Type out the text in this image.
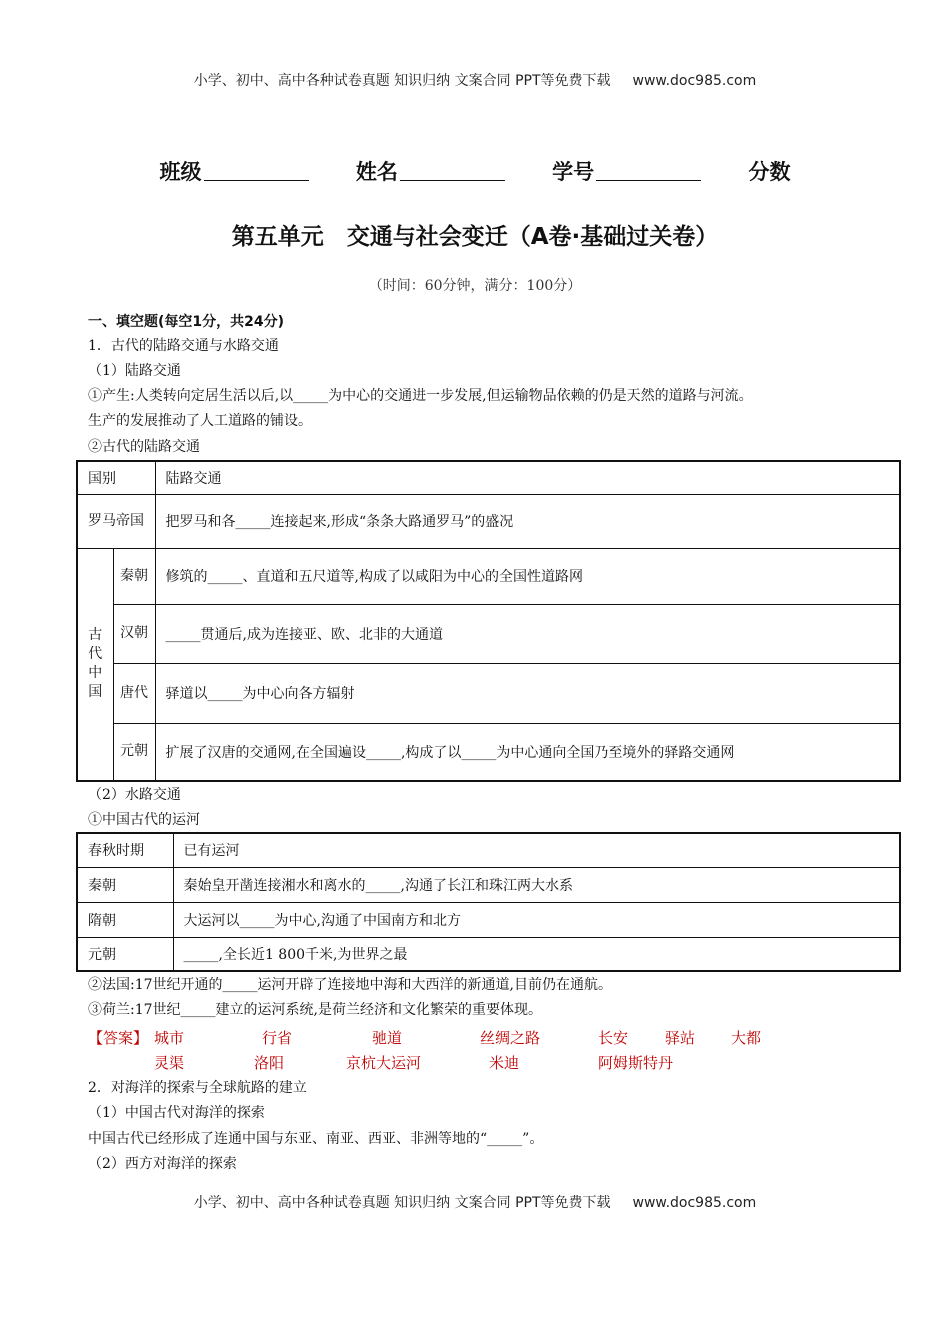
小学、初中、高中各种试卷真题 知识归纳 文案合同 PPT等免费下载 www.doc985.com
班级	姓名	学号	分数
第五单元　交通与社会变迁（A卷·基础过关卷）
（时间：60分钟，满分：100分）
一、填空题(每空1分，共24分)
1．古代的陆路交通与水路交通
（1）陆路交通
①产生:人类转向定居生活以后,以_____为中心的交通进一步发展,但运输物品依赖的仍是天然的道路与河流。
生产的发展推动了人工道路的铺设。
②古代的陆路交通
国别		陆路交通
罗马帝国		把罗马和各_____连接起来,形成“条条大路通罗马”的盛况
古代中国	秦朝	修筑的_____、直道和五尺道等,构成了以咸阳为中心的全国性道路网
	汉朝	_____贯通后,成为连接亚、欧、北非的大通道
	唐代	驿道以_____为中心向各方辐射
	元朝	扩展了汉唐的交通网,在全国遍设_____,构成了以_____为中心通向全国乃至境外的驿路交通网
（2）水路交通
①中国古代的运河
春秋时期	已有运河
秦朝	秦始皇开凿连接湘水和离水的_____,沟通了长江和珠江两大水系
隋朝	大运河以_____为中心,沟通了中国南方和北方
元朝	_____,全长近1 800千米,为世界之最
②法国:17世纪开通的_____运河开辟了连接地中海和大西洋的新通道,目前仍在通航。
③荷兰:17世纪_____建立的运河系统,是荷兰经济和文化繁荣的重要体现。
【答案】 城市	行省	驰道	丝绸之路	长安 驿站 大都
灵渠	洛阳	京杭大运河	米迪	阿姆斯特丹
2．对海洋的探索与全球航路的建立
（1）中国古代对海洋的探索
中国古代已经形成了连通中国与东亚、南亚、西亚、非洲等地的“_____”。
（2）西方对海洋的探索
小学、初中、高中各种试卷真题 知识归纳 文案合同 PPT等免费下载 www.doc985.com
